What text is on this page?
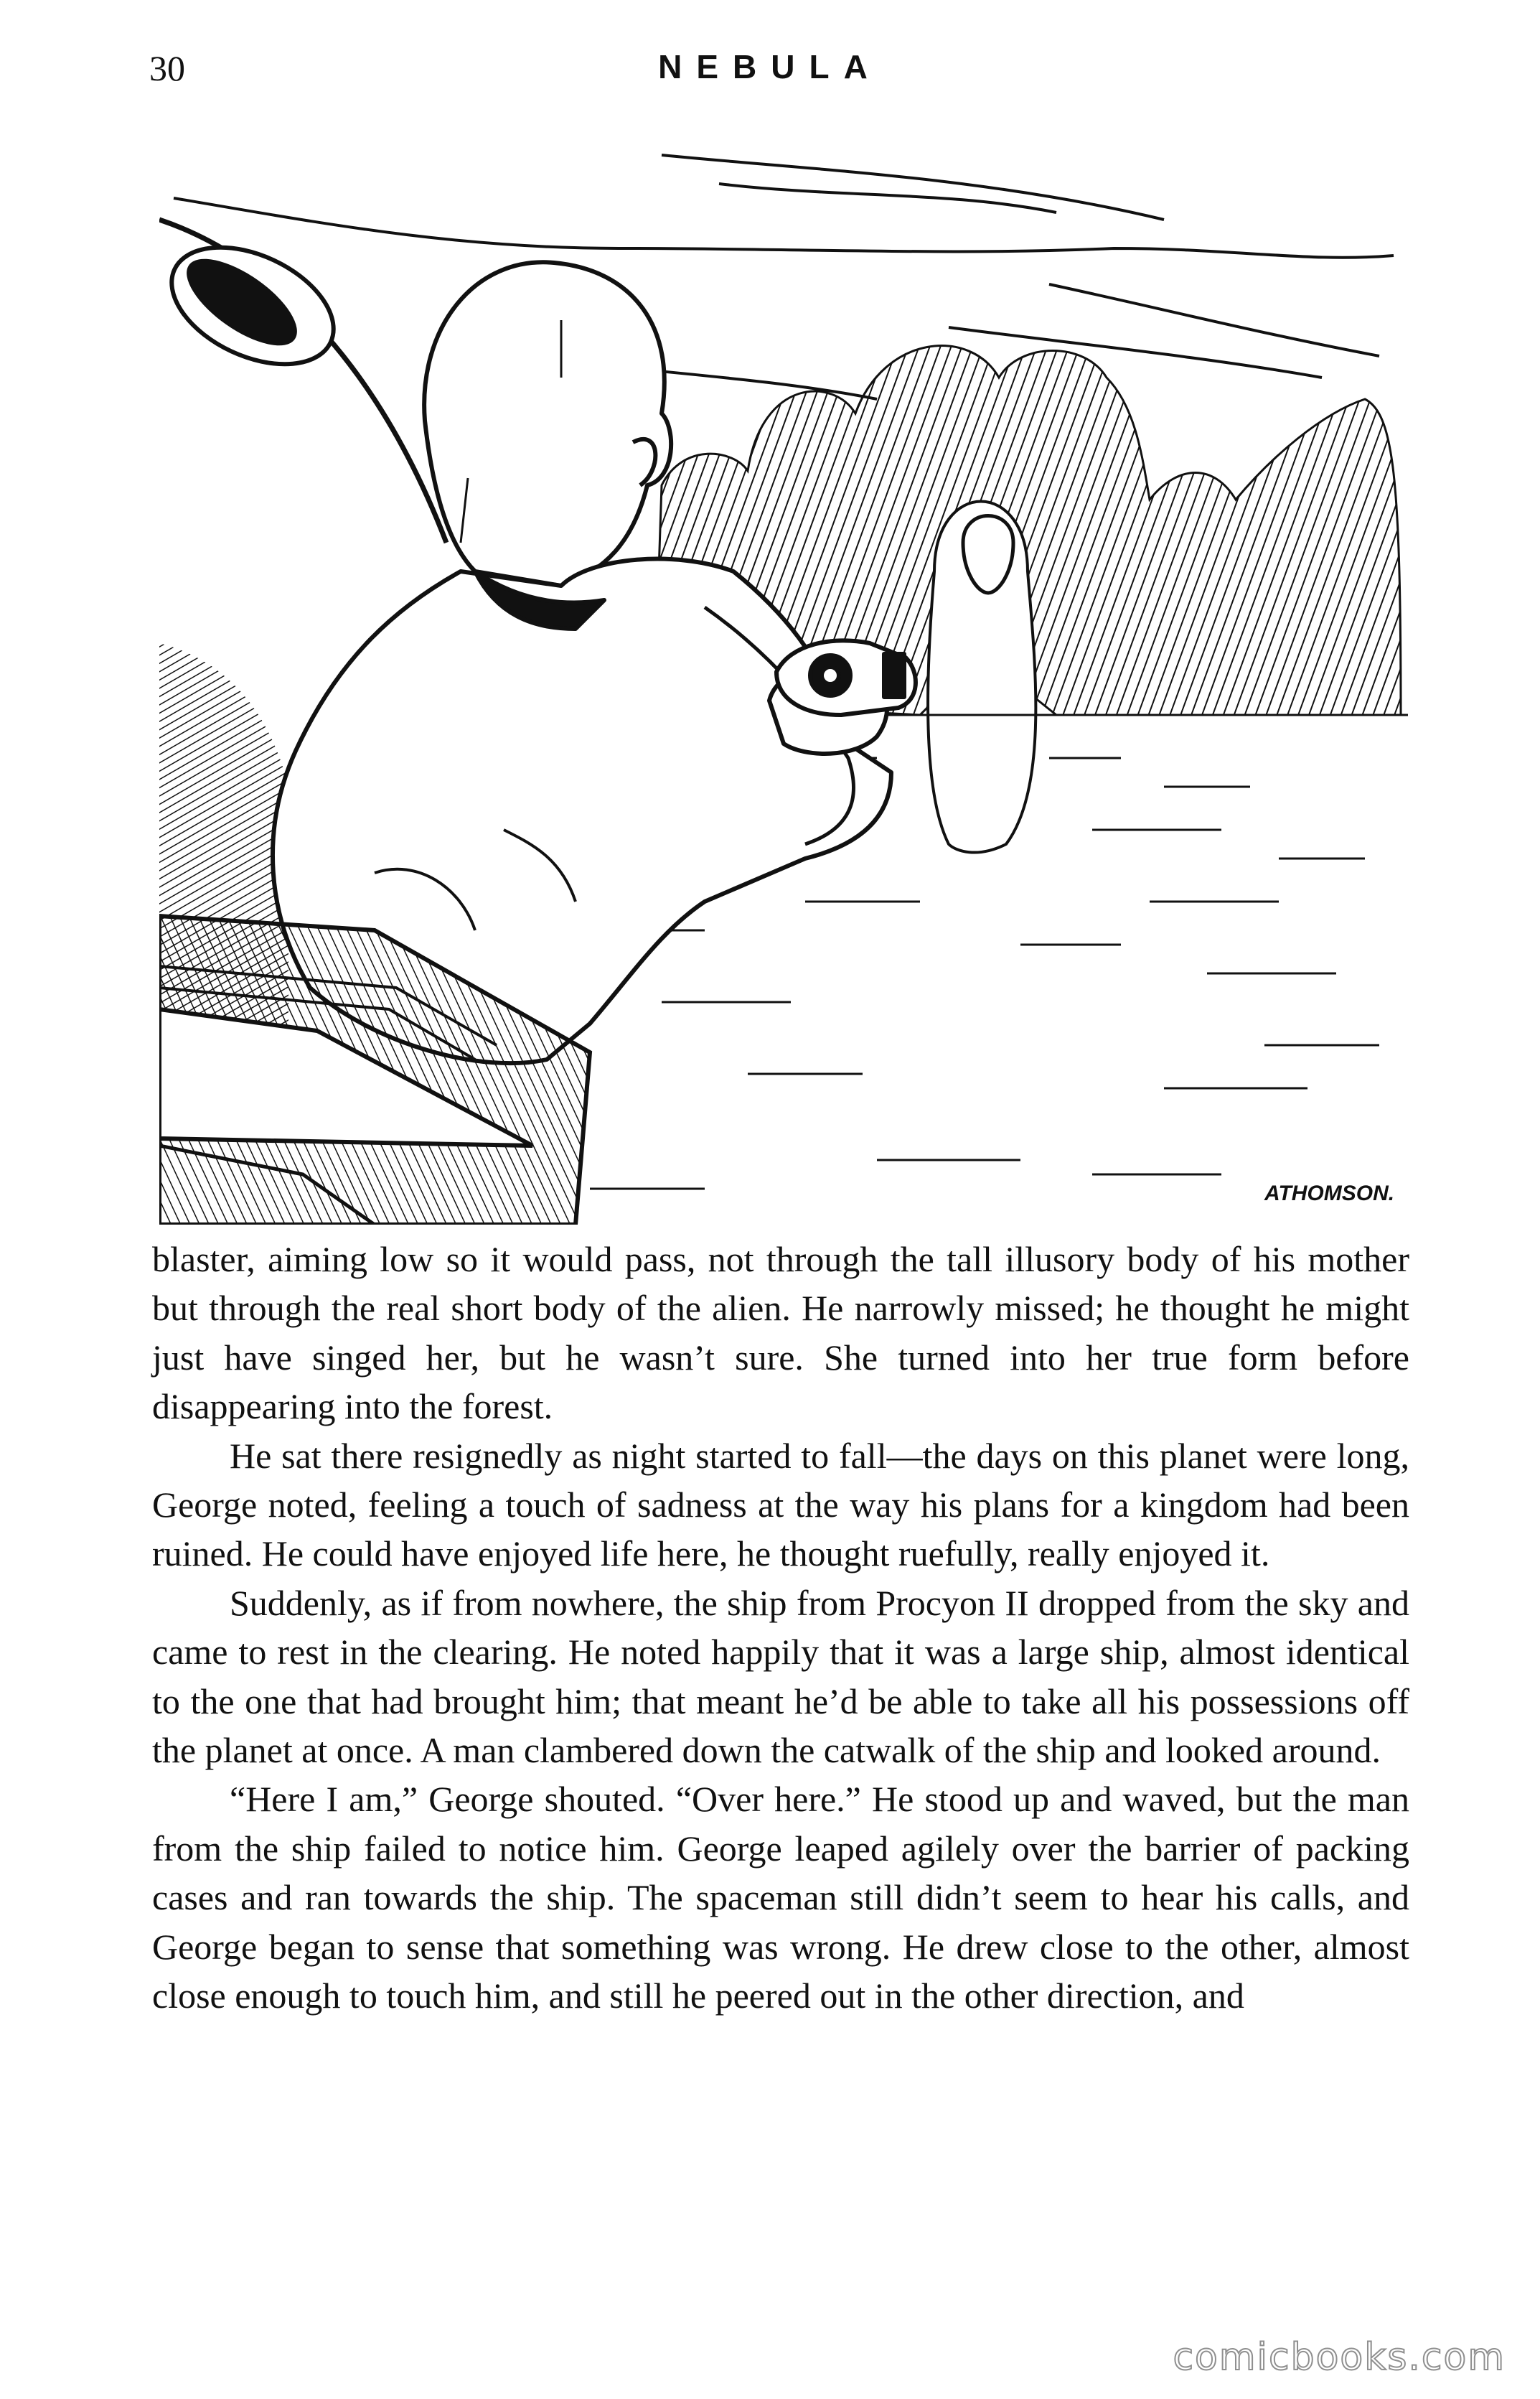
30	NEBULA
ATHOMSON.

blaster, aiming low so it would pass, not through the tall illusory body of his mother but through the real short body of the alien. He narrowly missed; he thought he might just have singed her, but he wasn’t sure. She turned into her true form before disappearing into the forest.

He sat there resignedly as night started to fall—the days on this planet were long, George noted, feeling a touch of sadness at the way his plans for a kingdom had been ruined. He could have enjoyed life here, he thought ruefully, really enjoyed it.

Suddenly, as if from nowhere, the ship from Procyon II dropped from the sky and came to rest in the clearing. He noted happily that it was a large ship, almost identical to the one that had brought him; that meant he’d be able to take all his possessions off the planet at once. A man clambered down the catwalk of the ship and looked around.

“Here I am,” George shouted. “Over here.” He stood up and waved, but the man from the ship failed to notice him. George leaped agilely over the barrier of packing cases and ran towards the ship. The spaceman still didn’t seem to hear his calls, and George began to sense that something was wrong. He drew close to the other, almost close enough to touch him, and still he peered out in the other direction, and

comicbooks.com
